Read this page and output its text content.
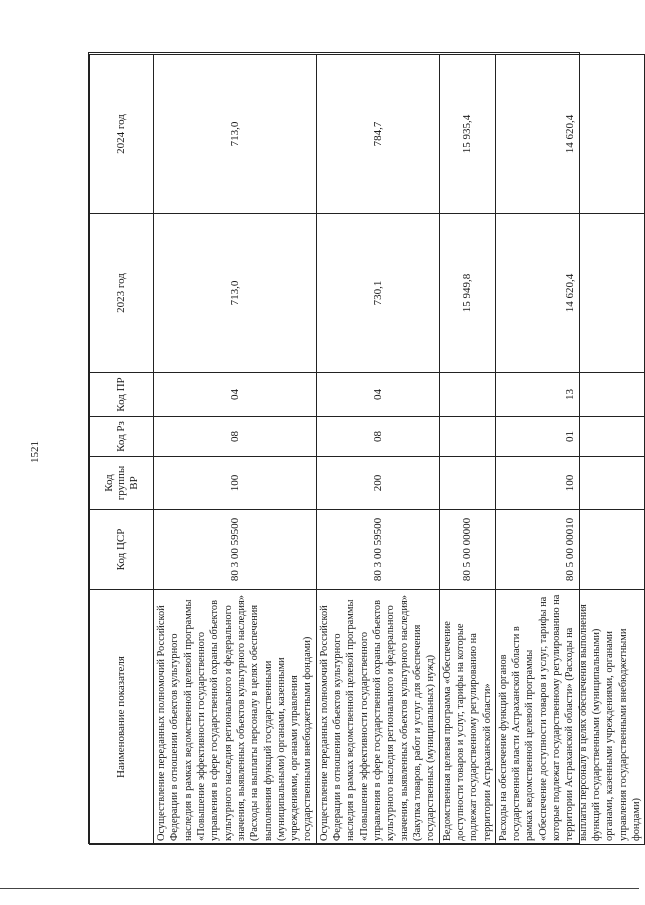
1521
Наименование показателя	Код ЦСР	Код группы ВР	Код Рз	Код ПР	2023 год	2024 год
Осуществление переданных полномочий Российской Федерации в отношении объектов культурного наследия в рамках ведомственной целевой программы «Повышение эффективности государственного управления в сфере государственной охраны объектов культурного наследия регионального и федерального значения, выявленных объектов культурного наследия» (Расходы на выплаты персоналу в целях обеспечения выполнения функций государственными (муниципальными) органами, казенными учреждениями, органами управления государственными внебюджетными фондами)	80 3 00 59500	100	08	04	713,0	713,0
Осуществление переданных полномочий Российской Федерации в отношении объектов культурного наследия в рамках ведомственной целевой программы «Повышение эффективности государственного управления в сфере государственной охраны объектов культурного наследия регионального и федерального значения, выявленных объектов культурного наследия» (Закупка товаров, работ и услуг для обеспечения государственных (муниципальных) нужд)	80 3 00 59500	200	08	04	730,1	784,7
Ведомственная целевая программа «Обеспечение доступности товаров и услуг, тарифы на которые подлежат государственному регулированию на территории Астраханской области»	80 5 00 00000				15 949,8	15 935,4
Расходы на обеспечение функций органов государственной власти Астраханской области в рамках ведомственной целевой программы «Обеспечение доступности товаров и услуг, тарифы на которые подлежат государственному регулированию на территории Астраханской области» (Расходы на выплаты персоналу в целях обеспечения выполнения функций государственными (муниципальными) органами, казенными учреждениями, органами управления государственными внебюджетными фондами)	80 5 00 00010	100	01	13	14 620,4	14 620,4
